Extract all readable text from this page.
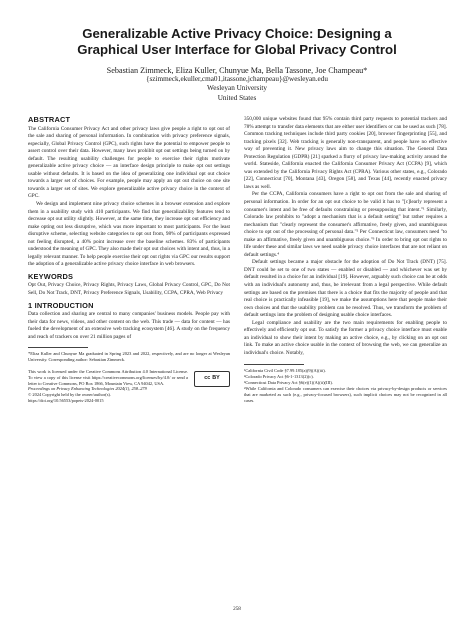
Generalizable Active Privacy Choice: Designing a Graphical User Interface for Global Privacy Control
Sebastian Zimmeck, Eliza Kuller, Chunyue Ma, Bella Tassone, Joe Champeau*
{szimmeck,ekuller,cma01,itassone,jchampeau}@wesleyan.edu
Wesleyan University
United States
ABSTRACT

The California Consumer Privacy Act and other privacy laws give people a right to opt out of the sale and sharing of personal information. In combination with privacy preference signals, especially, Global Privacy Control (GPC), such rights have the potential to empower people to assert control over their data. However, many laws prohibit opt out settings being turned on by default. The resulting usability challenges for people to exercise their rights motivate generalizable active privacy choice — an interface design principle to make opt out settings usable without defaults. It is based on the idea of generalizing one individual opt out choice towards a larger set of choices. For example, people may apply an opt out choice on one site towards a larger set of sites. We explore generalizable active privacy choice in the context of GPC.

We design and implement nine privacy choice schemes in a browser extension and explore them in a usability study with 410 participants. We find that generalizability features tend to decrease opt out utility slightly. However, at the same time, they increase opt out efficiency and make opting out less disruptive, which was more important to most participants. For the least disruptive scheme, selecting website categories to opt out from, 98% of participants expressed not feeling disrupted, a 40% point increase over the baseline schemes. 83% of participants understood the meaning of GPC. They also made their opt out choices with intent and, thus, in a legally relevant manner. To help people exercise their opt out rights via GPC our results support the adoption of a generalizable active privacy choice interface in web browsers.

KEYWORDS

Opt Out, Privacy Choice, Privacy Rights, Privacy Laws, Global Privacy Control, GPC, Do Not Sell, Do Not Track, DNT, Privacy Preference Signals, Usability, CCPA, CPRA, Web Privacy

1 INTRODUCTION

Data collection and sharing are central to many companies' business models. People pay with their data for news, videos, and other content on the web. This trade — data for content — has fueled the development of an extensive web tracking ecosystem [46]. A study on the frequency and reach of trackers on over 21 million pages of

*Eliza Kuller and Chunyue Ma graduated in Spring 2023 and 2022, respectively, and are no longer at Wesleyan University. Corresponding author: Sebastian Zimmeck.
This work is licensed under the Creative Commons Attribution 4.0 International License. To view a copy of this license visit https://creativecommons.org/licenses/by/4.0/ or send a letter to Creative Commons, PO Box 1866, Mountain View, CA 94042, USA.
Proceedings on Privacy Enhancing Technologies 2024(1), 258–279
© 2024 Copyright held by the owner/author(s).
https://doi.org/10.56553/popets-2024-0015
cc BY

350,000 unique websites found that 95% contain third party requests to potential trackers and 78% attempt to transfer data elements that are either user identifiers or can be used as such [78]. Common tracking techniques include third party cookies [20], browser fingerprinting [55], and tracking pixels [32]. Web tracking is generally non-transparent, and people have no effective way of preventing it. New privacy laws aim to change this situation. The General Data Protection Regulation (GDPR) [21] sparked a flurry of privacy law-making activity around the world. Stateside, California enacted the California Consumer Privacy Act (CCPA) [9], which was extended by the California Privacy Rights Act (CPRA). Various other states, e.g., Colorado [22], Connecticut [70], Montana [43], Oregon [58], and Texas [44], recently enacted privacy laws as well.

Per the CCPA, California consumers have a right to opt out from the sale and sharing of personal information. In order for an opt out choice to be valid it has to "[c]learly represent a consumer's intent and be free of defaults constraining or presupposing that intent."¹ Similarly, Colorado law prohibits to "adopt a mechanism that is a default setting" but rather requires a mechanism that "clearly represent the consumer's affirmative, freely given, and unambiguous choice to opt out of the processing of personal data."² Per Connecticut law, consumers need "to make an affirmative, freely given and unambiguous choice."³ In order to bring opt out rights to life under these and similar laws we need usable privacy choice interfaces that are not reliant on default settings.⁴

Default settings became a major obstacle for the adoption of Do Not Track (DNT) [75]. DNT could be set to one of two states — enabled or disabled — and whichever was set by default resulted in a choice for an individual [19]. However, arguably such choice can be at odds with an individual's autonomy and, thus, be irrelevant from a legal perspective. While default settings are based on the premises that there is a choice that fits the majority of people and that real choice is practically infeasible [19], we make the assumptions here that people make their own choices and that the usability problem can be resolved. Thus, we transform the problem of default settings into the problem of designing usable choice interfaces.

Legal compliance and usability are the two main requirements for enabling people to effectively and efficiently opt out. To satisfy the former a privacy choice interface must enable an individual to show their intent by making an active choice, e.g., by clicking on an opt out link. To make an active choice usable in the context of browsing the web, we can generalize an individual's choice. Notably,

¹California Civil Code §7.99.185(a)(9)(A)(iii).
²Colorado Privacy Act §6-1-1313(2)(c).
³Connecticut Data Privacy Act §6(e)(1)(A)(ii)(III).
⁴While California and Colorado consumers can exercise their choices via privacy-by-design products or services that are marketed as such (e.g., privacy-focused browsers), such implicit choices may not be recognized in all cases.
258
